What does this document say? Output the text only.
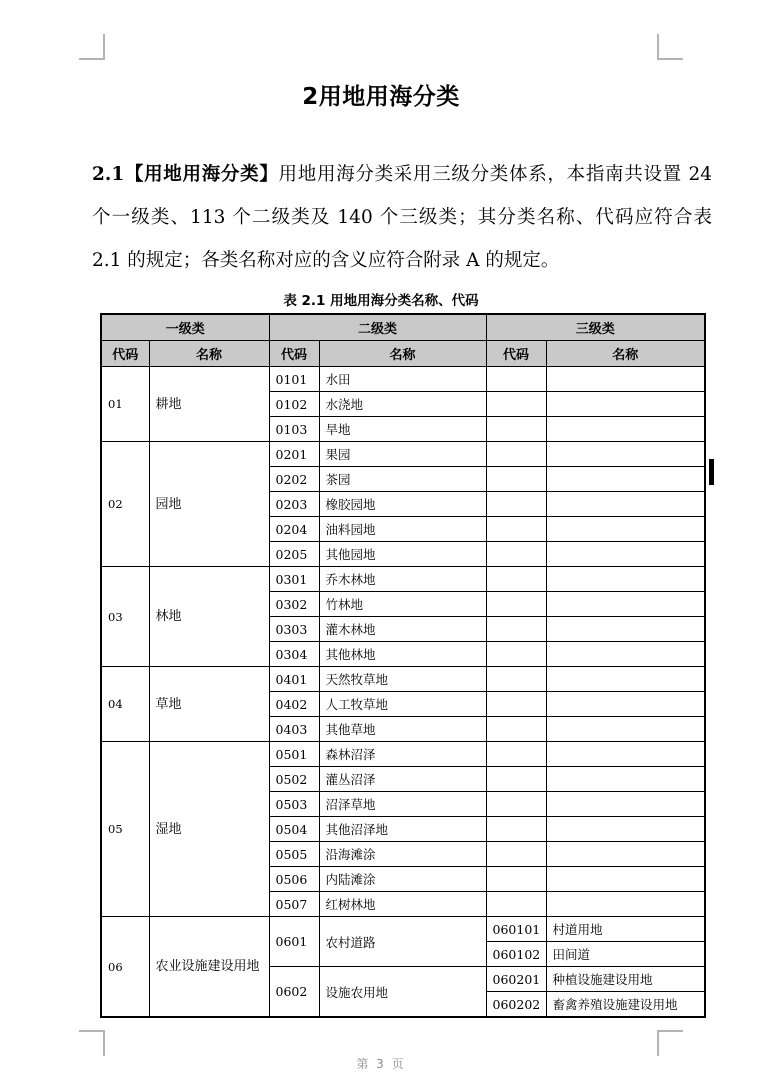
2用地用海分类

2.1【用地用海分类】用地用海分类采用三级分类体系，本指南共设置 24 个一级类、113 个二级类及 140 个三级类；其分类名称、代码应符合表 2.1 的规定；各类名称对应的含义应符合附录 A 的规定。

表 2.1 用地用海分类名称、代码
一级类		二级类		三级类	
代码	名称	代码	名称	代码	名称
01	耕地	0101	水田		
		0102	水浇地		
		0103	旱地		
02	园地	0201	果园		
		0202	茶园		
		0203	橡胶园地		
		0204	油料园地		
		0205	其他园地		
03	林地	0301	乔木林地		
		0302	竹林地		
		0303	灌木林地		
		0304	其他林地		
04	草地	0401	天然牧草地		
		0402	人工牧草地		
		0403	其他草地		
05	湿地	0501	森林沼泽		
		0502	灌丛沼泽		
		0503	沼泽草地		
		0504	其他沼泽地		
		0505	沿海滩涂		
		0506	内陆滩涂		
		0507	红树林地		
06	农业设施建设用地	0601	农村道路	060101	村道用地
				060102	田间道
		0602	设施农用地	060201	种植设施建设用地
				060202	畜禽养殖设施建设用地
第 3 页
